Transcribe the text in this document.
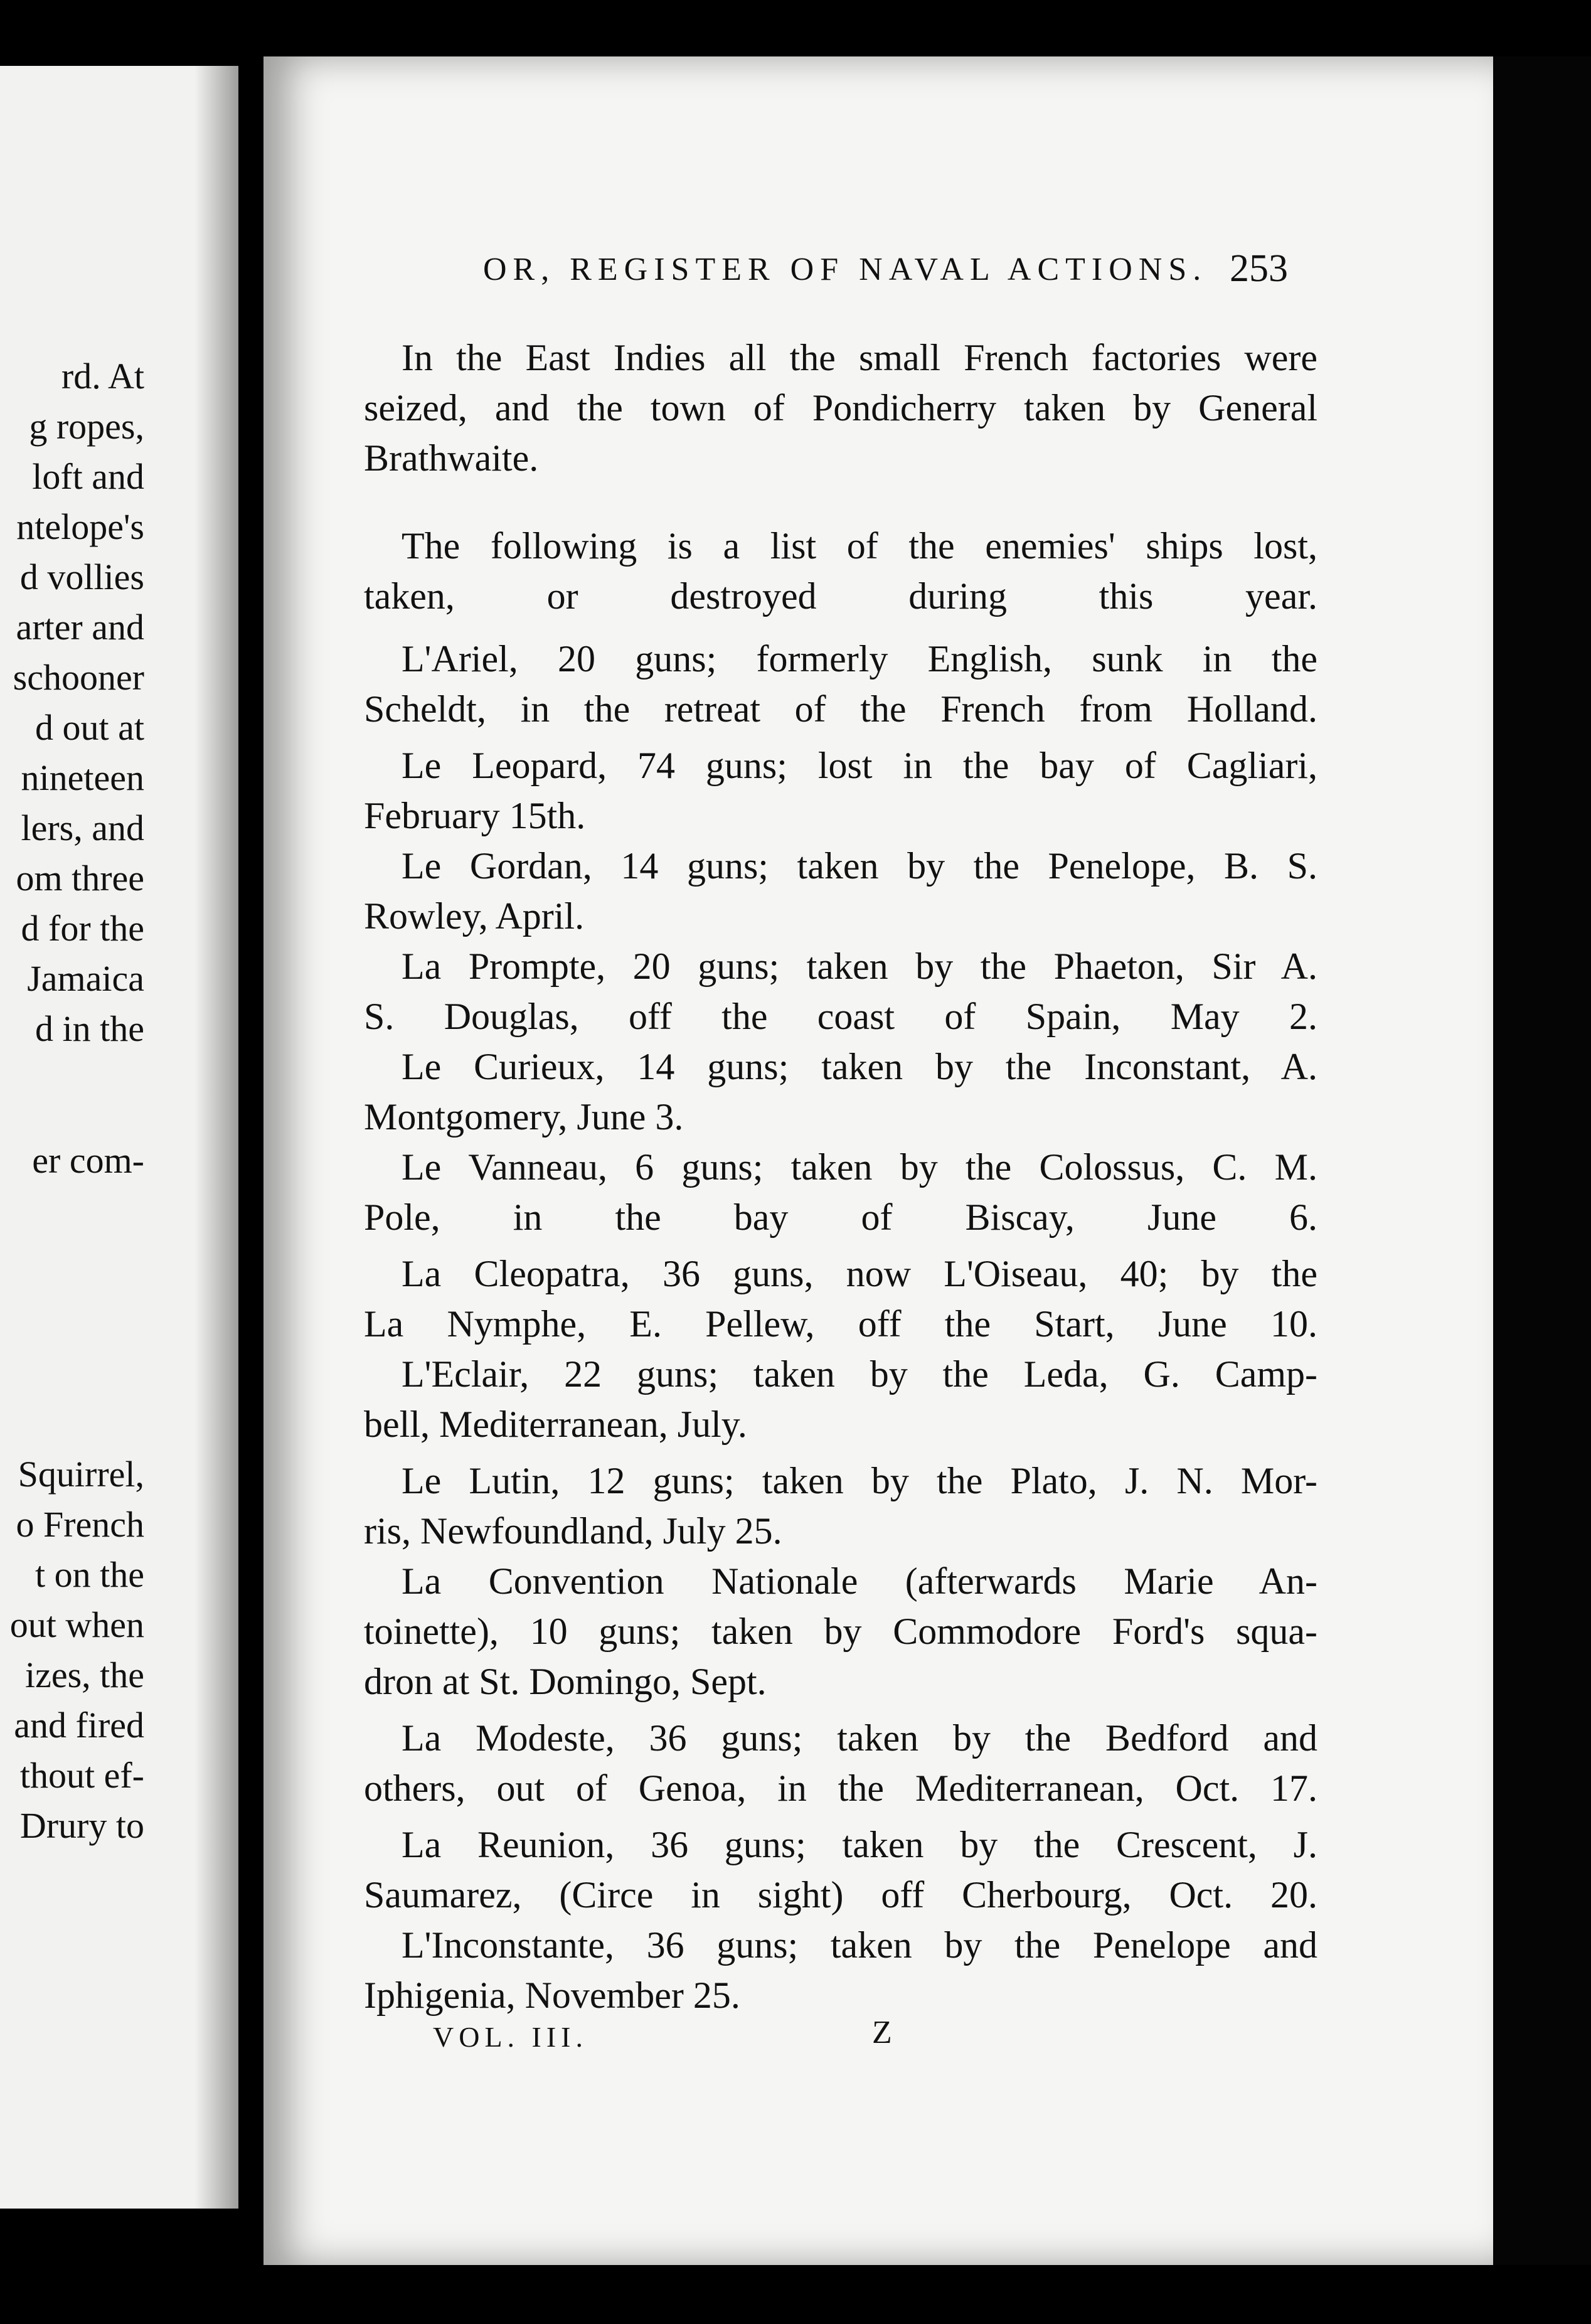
rd. At
g ropes,
loft and
ntelope's
d vollies
arter and
schooner
d out at
nineteen
lers, and
om three
d for the
Jamaica
d in the
er com-
Squirrel,
o French
t on the
out when
izes, the
and fired
thout ef-
Drury to
OR, REGISTER OF NAVAL ACTIONS. 253
In the East Indies all the small French factories were
seized, and the town of Pondicherry taken by General
Brathwaite.
The following is a list of the enemies' ships lost,
taken, or destroyed during this year.
L'Ariel, 20 guns; formerly English, sunk in the
Scheldt, in the retreat of the French from Holland.
Le Leopard, 74 guns; lost in the bay of Cagliari,
February 15th.
Le Gordan, 14 guns; taken by the Penelope, B. S.
Rowley, April.
La Prompte, 20 guns; taken by the Phaeton, Sir A.
S. Douglas, off the coast of Spain, May 2.
Le Curieux, 14 guns; taken by the Inconstant, A.
Montgomery, June 3.
Le Vanneau, 6 guns; taken by the Colossus, C. M.
Pole, in the bay of Biscay, June 6.
La Cleopatra, 36 guns, now L'Oiseau, 40; by the
La Nymphe, E. Pellew, off the Start, June 10.
L'Eclair, 22 guns; taken by the Leda, G. Camp-
bell, Mediterranean, July.
Le Lutin, 12 guns; taken by the Plato, J. N. Mor-
ris, Newfoundland, July 25.
La Convention Nationale (afterwards Marie An-
toinette), 10 guns; taken by Commodore Ford's squa-
dron at St. Domingo, Sept.
La Modeste, 36 guns; taken by the Bedford and
others, out of Genoa, in the Mediterranean, Oct. 17.
La Reunion, 36 guns; taken by the Crescent, J.
Saumarez, (Circe in sight) off Cherbourg, Oct. 20.
L'Inconstante, 36 guns; taken by the Penelope and
Iphigenia, November 25.
VOL. III.	Z
